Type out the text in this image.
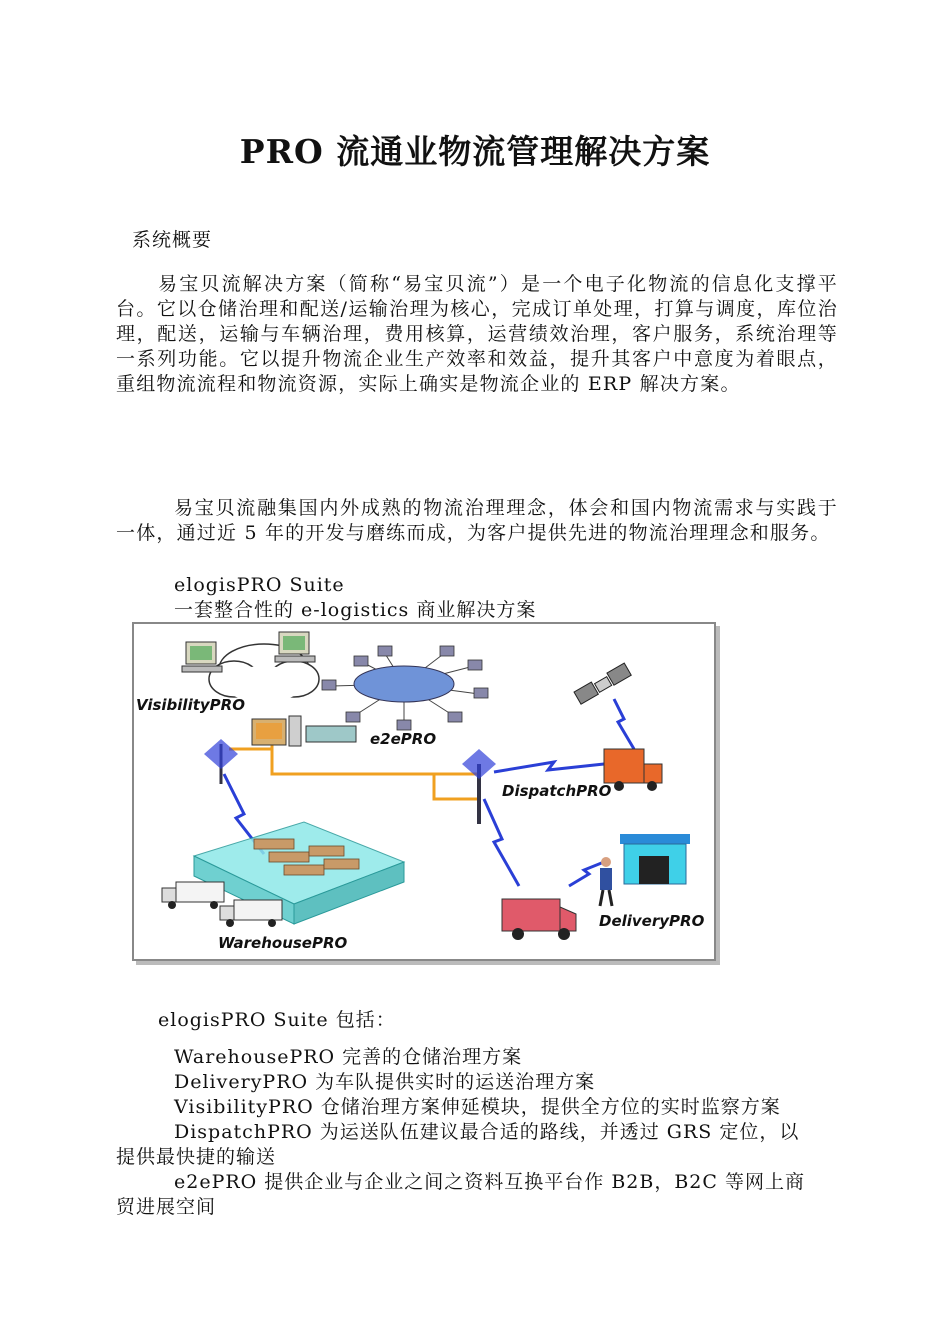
PRO 流通业物流管理解决方案
系统概要

易宝贝流解决方案（简称“易宝贝流”）是一个电子化物流的信息化支撑平台。它以仓储治理和配送/运输治理为核心，完成订单处理，打算与调度，库位治理，配送，运输与车辆治理，费用核算，运营绩效治理，客户服务，系统治理等一系列功能。它以提升物流企业生产效率和效益，提升其客户中意度为着眼点，重组物流流程和物流资源，实际上确实是物流企业的 ERP 解决方案。

易宝贝流融集国内外成熟的物流治理理念，体会和国内物流需求与实践于一体，通过近 5 年的开发与磨练而成，为客户提供先进的物流治理理念和服务。

elogisPRO Suite

一套整合性的 e-logistics 商业解决方案

VisibilityPRO
e2ePRO
DispatchPRO
DeliveryPRO
WarehousePRO

elogisPRO Suite 包括：

WarehousePRO 完善的仓储治理方案

DeliveryPRO 为车队提供实时的运送治理方案

VisibilityPRO 仓储治理方案伸延模块，提供全方位的实时监察方案

DispatchPRO 为运送队伍建议最合适的路线，并透过 GRS 定位，以

提供最快捷的输送

e2ePRO 提供企业与企业之间之资料互换平台作 B2B，B2C 等网上商

贸进展空间
